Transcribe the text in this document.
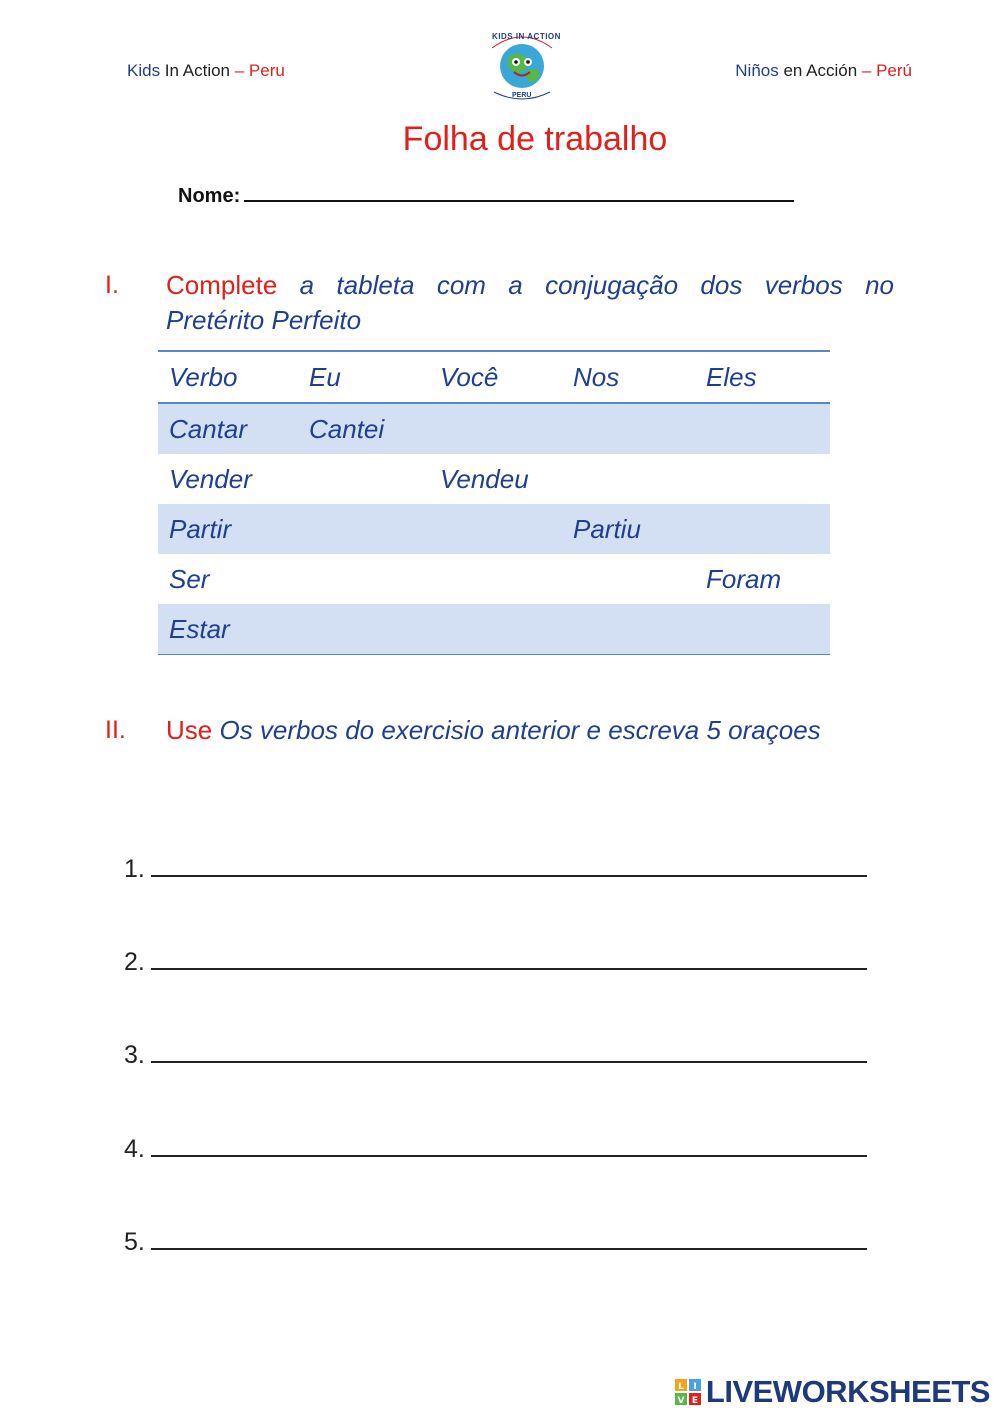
Kids In Action – Peru
KIDS IN ACTION
PERU
Niños en Acción – Perú
Folha de trabalho
Nome:
I. Complete a tableta com a conjugação dos verbos no
Pretérito Perfeito
Verbo	Eu	Você	Nos	Eles
Cantar	Cantei			
Vender		Vendeu		
Partir			Partiu	
Ser				Foram
Estar				
II. Use Os verbos do exercisio anterior e escreva 5 oraçoes
1.
2.
3.
4.
5.
L I
V E LIVEWORKSHEETS
